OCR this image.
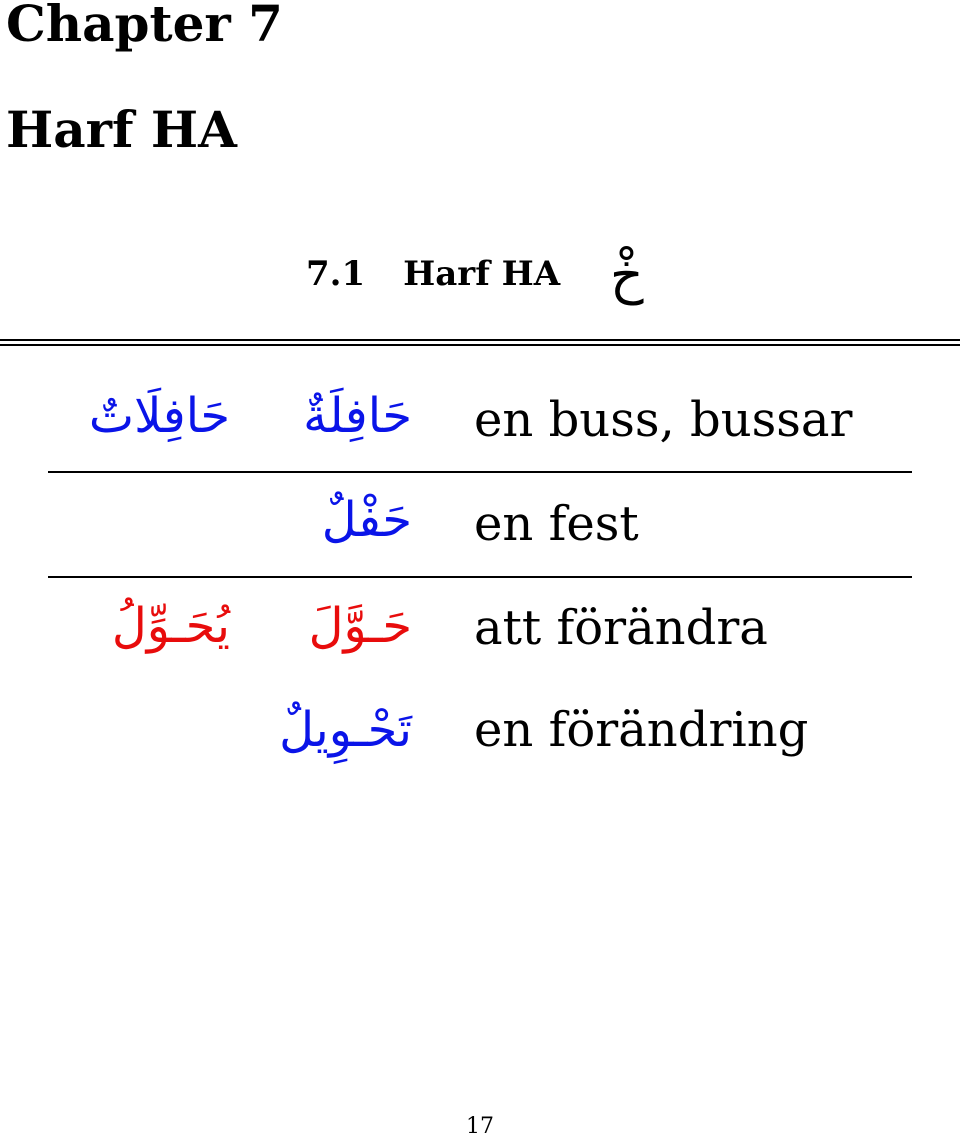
Chapter 7
Harf HA
7.1 Harf HA خْ
حَافِلَةٌ
حَافِلَاتٌ	en buss, bussar
حَفْلٌ en fest
حَـوَّلَ
يُحَـوِّلُ	att förändra
تَحْـوِيلٌ en förändring
17
